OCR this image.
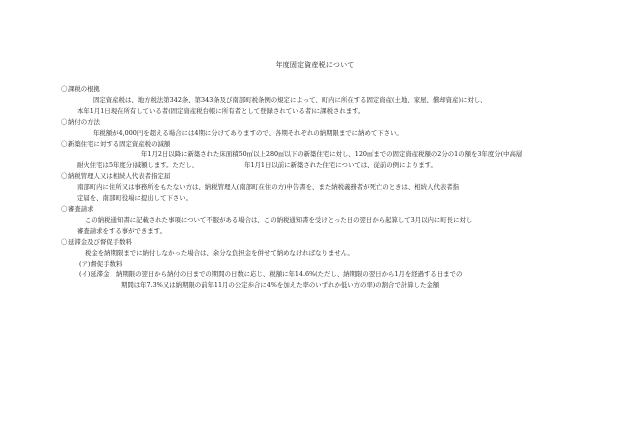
年度固定資産税について
〇課税の根拠
固定資産税は、地方税法第342条、第343条及び南部町税条例の規定によって、町内に所在する固定資産(土地、家屋、償却資産)に対し、
本年1月1日現在所有している者(固定資産税台帳に所有者として登録されている者)に課税されます。
〇納付の方法
年税額が4,000円を超える場合には4期に分けてありますので、各期それぞれの納期限までに納めて下さい。
〇新築住宅に対する固定資産税の減額
年1月2日以降に新築された床面積50㎡以上280㎡以下の新築住宅に対し、120㎡までの固定資産税額の2分の1の額を3年度分(中高層
耐火住宅は5年度分)減額します。ただし、	年1月1日以前に新築された住宅については、従前の例によります。
〇納税管理人又は相続人代表者指定届
南部町内に住所又は事務所をもたない方は、納税管理人(南部町在住の方)申告書を、また納税義務者が死亡のときは、相続人代表者指
定届を、南部町役場に提出して下さい。
〇審査請求
この納税通知書に記載された事項について不服がある場合は、この納税通知書を受けとった日の翌日から起算して3月以内に町長に対し
審査請求をする事ができます。
〇延滞金及び督促手数料
税金を納期限までに納付しなかった場合は、余分な負担金を併せて納めなければなりません。
(ア)督促手数料
(イ)延滞金　納期限の翌日から納付の日までの期間の日数に応じ、税額に年14.6%(ただし、納期限の翌日から1月を経過する日までの
期間は年7.3%又は納期限の前年11月の公定歩合に4%を加えた率のいずれか低い方の率)の割合で計算した金額
